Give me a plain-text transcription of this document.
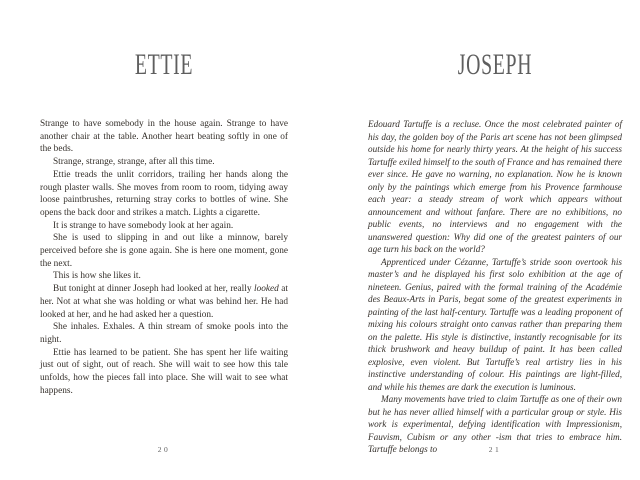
ETTIE

Strange to have somebody in the house again. Strange to have another chair at the table. Another heart beating softly in one of the beds.

Strange, strange, strange, after all this time.

Ettie treads the unlit corridors, trailing her hands along the rough plaster walls. She moves from room to room, tidying away loose paintbrushes, returning stray corks to bottles of wine. She opens the back door and strikes a match. Lights a cigarette.

It is strange to have somebody look at her again.

She is used to slipping in and out like a minnow, barely perceived before she is gone again. She is here one moment, gone the next.

This is how she likes it.

But tonight at dinner Joseph had looked at her, really looked at her. Not at what she was holding or what was behind her. He had looked at her, and he had asked her a question.

She inhales. Exhales. A thin stream of smoke pools into the night.

Ettie has learned to be patient. She has spent her life waiting just out of sight, out of reach. She will wait to see how this tale unfolds, how the pieces fall into place. She will wait to see what happens.

20
JOSEPH

Edouard Tartuffe is a recluse. Once the most celebrated painter of his day, the golden boy of the Paris art scene has not been glimpsed outside his home for nearly thirty years. At the height of his success Tartuffe exiled himself to the south of France and has remained there ever since. He gave no warning, no explanation. Now he is known only by the paintings which emerge from his Provence farmhouse each year: a steady stream of work which appears without announcement and without fanfare. There are no exhibitions, no public events, no interviews and no engagement with the unanswered question: Why did one of the greatest painters of our age turn his back on the world?

Apprenticed under Cézanne, Tartuffe’s stride soon overtook his master’s and he displayed his first solo exhibition at the age of nineteen. Genius, paired with the formal training of the Académie des Beaux-Arts in Paris, begat some of the greatest experiments in painting of the last half-century. Tartuffe was a leading proponent of mixing his colours straight onto canvas rather than preparing them on the palette. His style is distinctive, instantly recognisable for its thick brushwork and heavy buildup of paint. It has been called explosive, even violent. But Tartuffe’s real artistry lies in his instinctive understanding of colour. His paintings are light-filled, and while his themes are dark the execution is luminous.

Many movements have tried to claim Tartuffe as one of their own but he has never allied himself with a particular group or style. His work is experimental, defying identification with Impressionism, Fauvism, Cubism or any other -ism that tries to embrace him. Tartuffe belongs to	21
